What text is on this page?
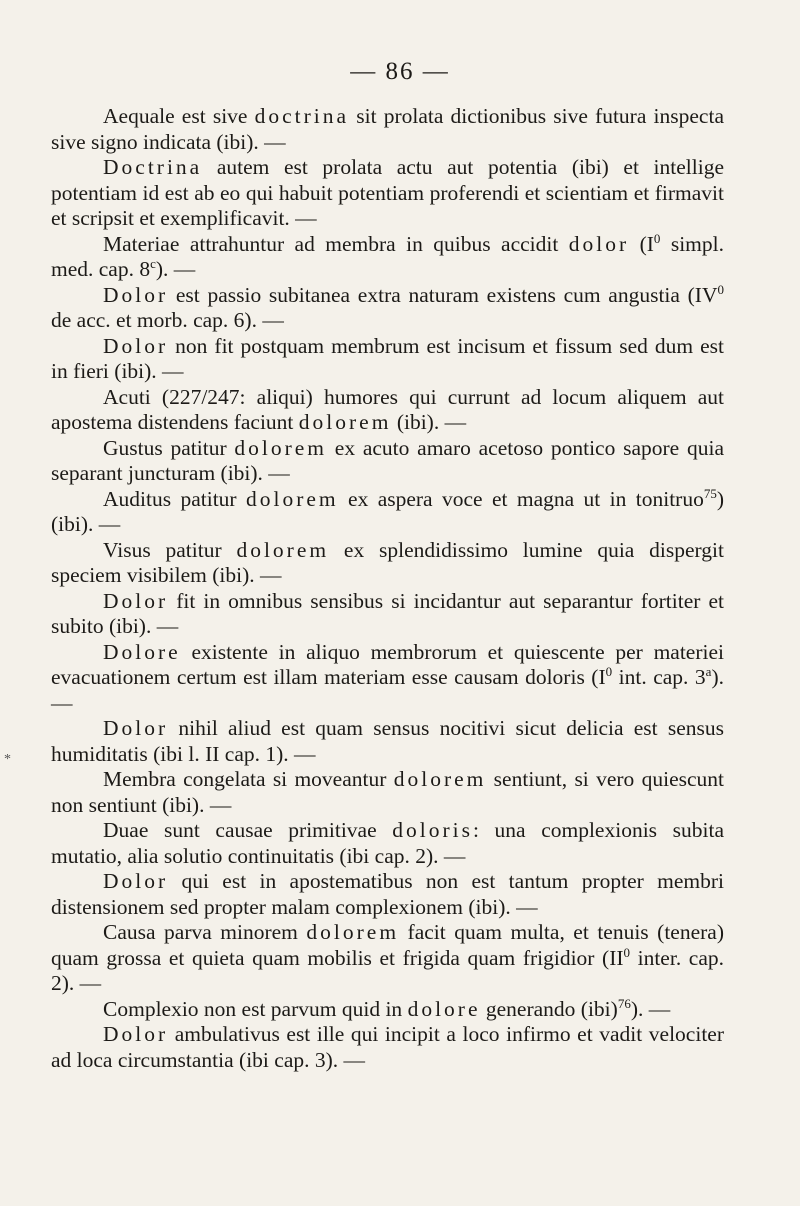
— 86 —
*

Aequale est sive doctrina sit prolata dictionibus sive futura inspecta sive signo indicata (ibi). —

Doctrina autem est prolata actu aut potentia (ibi) et intellige potentiam id est ab eo qui habuit potentiam proferendi et scientiam et firmavit et scripsit et exemplificavit. —

Materiae attrahuntur ad membra in quibus accidit dolor ($I^0$ simpl. med. cap. 8$^c$). —

Dolor est passio subitanea extra naturam existens cum angustia ($IV^0$ de acc. et morb. cap. 6). —

Dolor non fit postquam membrum est incisum et fissum sed dum est in fieri (ibi). —

Acuti (227/247: aliqui) humores qui currunt ad locum aliquem aut apostema distendens faciunt dolorem (ibi). —

Gustus patitur dolorem ex acuto amaro acetoso pontico sapore quia separant juncturam (ibi). —

Auditus patitur dolorem ex aspera voce et magna ut in tonitruo$^{75}$) (ibi). —

Visus patitur dolorem ex splendidissimo lumine quia dispergit speciem visibilem (ibi). —

Dolor fit in omnibus sensibus si incidantur aut separantur fortiter et subito (ibi). —

Dolore existente in aliquo membrorum et quiescente per materiei evacuationem certum est illam materiam esse causam doloris ($I^0$ int. cap. 3$^a$). —

Dolor nihil aliud est quam sensus nocitivi sicut delicia est sensus humiditatis (ibi l. II cap. 1). —

Membra congelata si moveantur dolorem sentiunt, si vero quiescunt non sentiunt (ibi). —

Duae sunt causae primitivae doloris: una complexionis subita mutatio, alia solutio continuitatis (ibi cap. 2). —

Dolor qui est in apostematibus non est tantum propter membri distensionem sed propter malam complexionem (ibi). —

Causa parva minorem dolorem facit quam multa, et tenuis (tenera) quam grossa et quieta quam mobilis et frigida quam frigidior ($II^0$ inter. cap. 2). —

Complexio non est parvum quid in dolore generando (ibi)$^{76}$). —

Dolor ambulativus est ille qui incipit a loco infirmo et vadit velociter ad loca circumstantia (ibi cap. 3). —
